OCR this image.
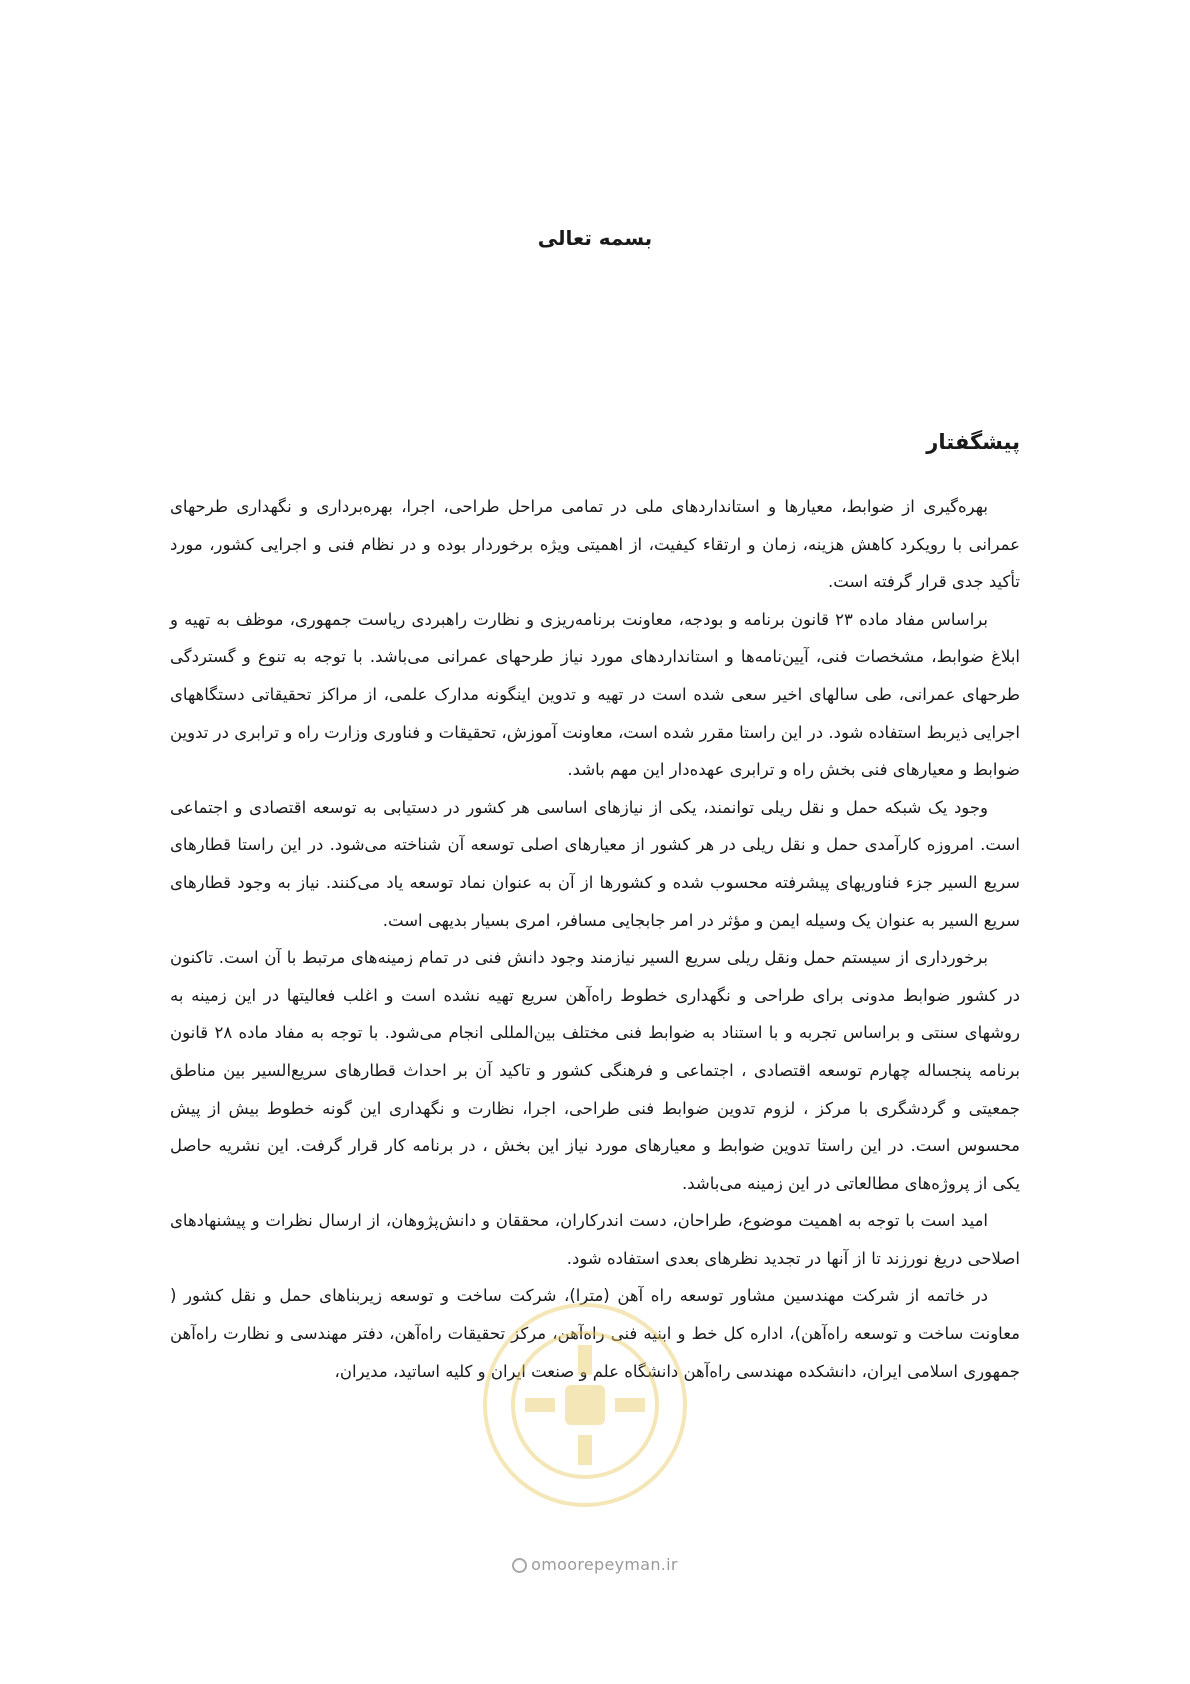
بسمه تعالی
پیشگفتار

بهره‌گیری از ضوابط، معیارها و استانداردهای ملی در تمامی مراحل طراحی، اجرا، بهره‌برداری و نگهداری طرحهای عمرانی با رویکرد کاهش هزینه، زمان و ارتقاء کیفیت، از اهمیتی ویژه برخوردار بوده و در نظام فنی و اجرایی کشور، مورد تأکید جدی قرار گرفته است.

براساس مفاد ماده ۲۳ قانون برنامه و بودجه، معاونت برنامه‌ریزی و نظارت راهبردی ریاست جمهوری، موظف به تهیه و ابلاغ ضوابط، مشخصات فنی، آیین‌نامه‌ها و استانداردهای مورد نیاز طرحهای عمرانی می‌باشد. با توجه به تنوع و گستردگی طرحهای عمرانی، طی سالهای اخیر سعی شده است در تهیه و تدوین اینگونه مدارک علمی، از مراکز تحقیقاتی دستگاههای اجرایی ذیربط استفاده شود. در این راستا مقرر شده است، معاونت آموزش، تحقیقات و فناوری وزارت راه و ترابری در تدوین ضوابط و معیارهای فنی بخش راه و ترابری عهده‌دار این مهم باشد.

وجود یک شبکه حمل و نقل ریلی توانمند، یکی از نیازهای اساسی هر کشور در دستیابی به توسعه اقتصادی و اجتماعی است. امروزه کارآمدی حمل و نقل ریلی در هر کشور از معیارهای اصلی توسعه آن شناخته می‌شود. در این راستا قطارهای سریع السیر جزء فناوریهای پیشرفته محسوب شده و کشورها از آن به عنوان نماد توسعه یاد می‌کنند. نیاز به وجود قطارهای سریع السیر به عنوان یک وسیله ایمن و مؤثر در امر جابجایی مسافر، امری بسیار بدیهی است.

برخورداری از سیستم حمل ونقل ریلی سریع السیر نیازمند وجود دانش فنی در تمام زمینه‌های مرتبط با آن است. تاکنون در کشور ضوابط مدونی برای طراحی و نگهداری خطوط راه‌آهن سریع تهیه نشده است و اغلب فعالیتها در این زمینه به روشهای سنتی و براساس تجربه و با استناد به ضوابط فنی مختلف بین‌المللی انجام می‌شود. با توجه به مفاد ماده ۲۸ قانون برنامه پنجساله چهارم توسعه اقتصادی ، اجتماعی و فرهنگی کشور و تاکید آن بر احداث قطارهای سریع‌السیر بین مناطق جمعیتی و گردشگری با مرکز ، لزوم تدوین ضوابط فنی طراحی، اجرا، نظارت و نگهداری این گونه خطوط بیش از پیش محسوس است. در این راستا تدوین ضوابط و معیارهای مورد نیاز این بخش ، در برنامه کار قرار گرفت. این نشریه حاصل یکی از پروژه‌های مطالعاتی در این زمینه می‌باشد.

امید است با توجه به اهمیت موضوع، طراحان، دست اندرکاران، محققان و دانش‌پژوهان، از ارسال نظرات و پیشنهادهای اصلاحی دریغ نورزند تا از آنها در تجدید نظرهای بعدی استفاده شود.

در خاتمه از شرکت مهندسین مشاور توسعه راه آهن (مترا)، شرکت ساخت و توسعه زیربناهای حمل و نقل کشور ( معاونت ساخت و توسعه راه‌آهن)، اداره کل خط و ابنیه فنی راه‌آهن، مرکز تحقیقات راه‌آهن، دفتر مهندسی و نظارت راه‌آهن جمهوری اسلامی ایران، دانشکده مهندسی راه‌آهن دانشگاه علم و صنعت ایران و کلیه اساتید، مدیران،

omoorepeyman.ir
